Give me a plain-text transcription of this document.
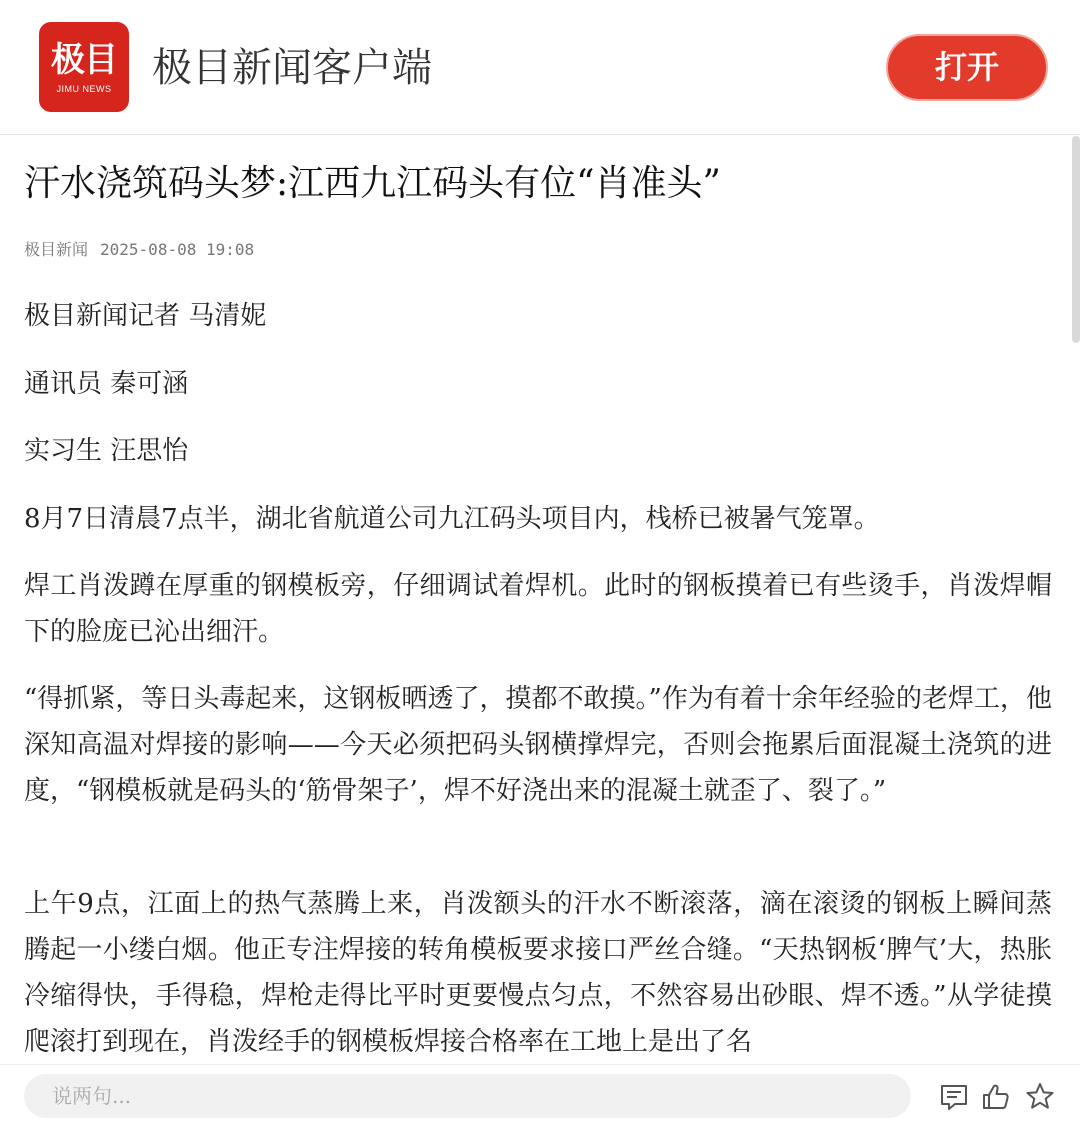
极目
JIMU NEWS	极目新闻客户端	打开
汗水浇筑码头梦:江西九江码头有位“肖准头”
极目新闻 2025-08-08 19:08

极目新闻记者 马清妮

通讯员 秦可涵

实习生 汪思怡

8月7日清晨7点半，湖北省航道公司九江码头项目内，栈桥已被暑气笼罩。

焊工肖泼蹲在厚重的钢模板旁，仔细调试着焊机。此时的钢板摸着已有些烫手，肖泼焊帽下的脸庞已沁出细汗。

“得抓紧，等日头毒起来，这钢板晒透了，摸都不敢摸。”作为有着十余年经验的老焊工，他深知高温对焊接的影响——今天必须把码头钢横撑焊完，否则会拖累后面混凝土浇筑的进度，“钢模板就是码头的‘筋骨架子’，焊不好浇出来的混凝土就歪了、裂了。”

上午9点，江面上的热气蒸腾上来，肖泼额头的汗水不断滚落，滴在滚烫的钢板上瞬间蒸腾起一小缕白烟。他正专注焊接的转角模板要求接口严丝合缝。“天热钢板‘脾气’大，热胀冷缩得快，手得稳，焊枪走得比平时更要慢点匀点，不然容易出砂眼、焊不透。”从学徒摸爬滚打到现在，肖泼经手的钢模板焊接合格率在工地上是出了名

说两句...
